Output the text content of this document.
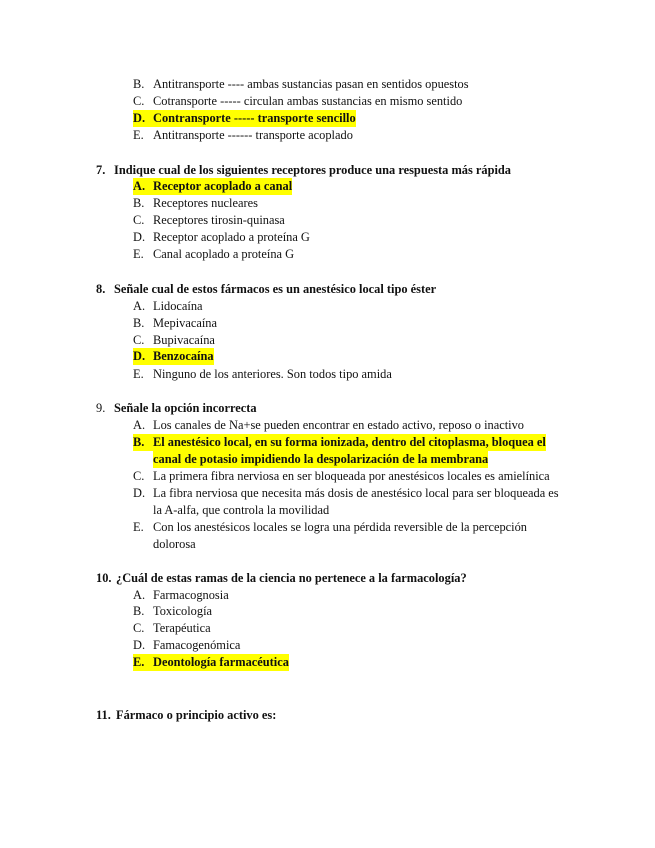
B. Antitransporte ---- ambas sustancias pasan en sentidos opuestos
C. Cotransporte ----- circulan ambas sustancias en mismo sentido
D. Contransporte ----- transporte sencillo
E. Antitransporte ------ transporte acoplado
7. Indique cual de los siguientes receptores produce una respuesta más rápida
A. Receptor acoplado a canal
B. Receptores nucleares
C. Receptores tirosin-quinasa
D. Receptor acoplado a proteína G
E. Canal acoplado a proteína G
8. Señale cual de estos fármacos es un anestésico local tipo éster
A. Lidocaína
B. Mepivacaína
C. Bupivacaína
D. Benzocaína
E. Ninguno de los anteriores. Son todos tipo amida
9. Señale la opción incorrecta
A. Los canales de Na+se pueden encontrar en estado activo, reposo o inactivo
B. El anestésico local, en su forma ionizada, dentro del citoplasma, bloquea el
canal de potasio impidiendo la despolarización de la membrana
C. La primera fibra nerviosa en ser bloqueada por anestésicos locales es amielínica
D. La fibra nerviosa que necesita más dosis de anestésico local para ser bloqueada es
la A-alfa, que controla la movilidad
E. Con los anestésicos locales se logra una pérdida reversible de la percepción
dolorosa
10. ¿Cuál de estas ramas de la ciencia no pertenece a la farmacología?
A. Farmacognosia
B. Toxicología
C. Terapéutica
D. Famacogenómica
E. Deontología farmacéutica
11. Fármaco o principio activo es:
